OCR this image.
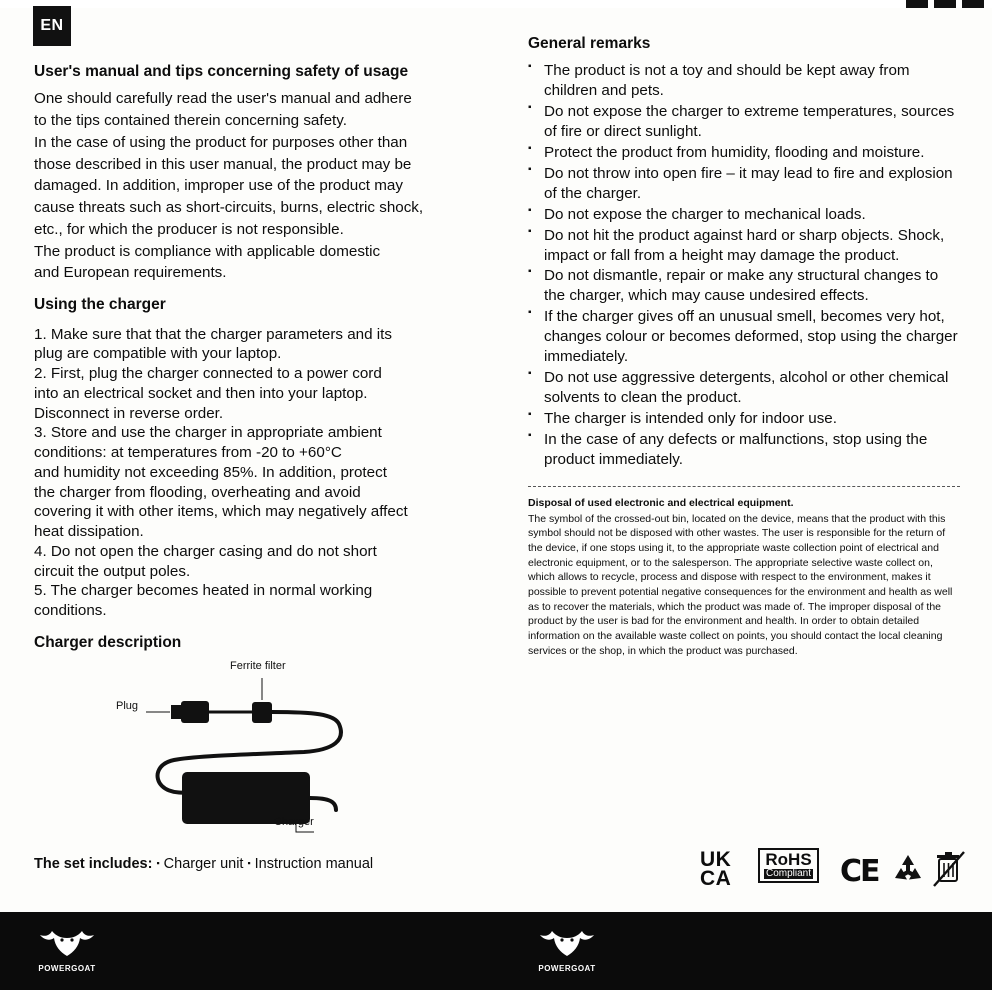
EN
User's manual and tips concerning safety of usage

One should carefully read the user's manual and adhere

to the tips contained therein concerning safety.

In the case of using the product for purposes other than

those described in this user manual, the product may be

damaged. In addition, improper use of the product may

cause threats such as short-circuits, burns, electric shock,

etc., for which the producer is not responsible.

The product is compliance with applicable domestic

and European requirements.

Using the charger

1. Make sure that that the charger parameters and its

plug are compatible with your laptop.

2. First, plug the charger connected to a power cord

into an electrical socket and then into your laptop.

Disconnect in reverse order.

3. Store and use the charger in appropriate ambient

conditions: at temperatures from -20 to +60°C

and humidity not exceeding 85%. In addition, protect

the charger from flooding, overheating and avoid

covering it with other items, which may negatively affect

heat dissipation.

4. Do not open the charger casing and do not short

circuit the output poles.

5. The charger becomes heated in normal working

conditions.

Charger description
Ferrite filter
Plug
Charger
The set includes: ▪ Charger unit ▪ Instruction manual
General remarks
▪ The product is not a toy and should be kept away from children and pets.
▪ Do not expose the charger to extreme temperatures, sources of fire or direct sunlight.
▪ Protect the product from humidity, flooding and moisture.
▪ Do not throw into open fire – it may lead to fire and explosion of the charger.
▪ Do not expose the charger to mechanical loads.
▪ Do not hit the product against hard or sharp objects. Shock, impact or fall from a height may damage the product.
▪ Do not dismantle, repair or make any structural changes to the charger, which may cause undesired effects.
▪ If the charger gives off an unusual smell, becomes very hot, changes colour or becomes deformed, stop using the charger immediately.
▪ Do not use aggressive detergents, alcohol or other chemical solvents to clean the product.
▪ The charger is intended only for indoor use.
▪ In the case of any defects or malfunctions, stop using the product immediately.
Disposal of used electronic and electrical equipment.
The symbol of the crossed-out bin, located on the device, means that the product with this symbol should not be disposed with other wastes. The user is responsible for the return of the device, if one stops using it, to the appropriate waste collection point of electrical and electronic equipment, or to the salesperson. The appropriate selective waste collect on, which allows to recycle, process and dispose with respect to the environment, makes it possible to prevent potential negative consequences for the environment and health as well as to recover the materials, which the product was made of. The improper disposal of the product by the user is bad for the environment and health. In order to obtain detailed information on the available waste collect on points, you should contact the local cleaning services or the shop, in which the product was purchased.
UK
CA
RoHS
Compliant CE
POWERGOAT	POWERGOAT
